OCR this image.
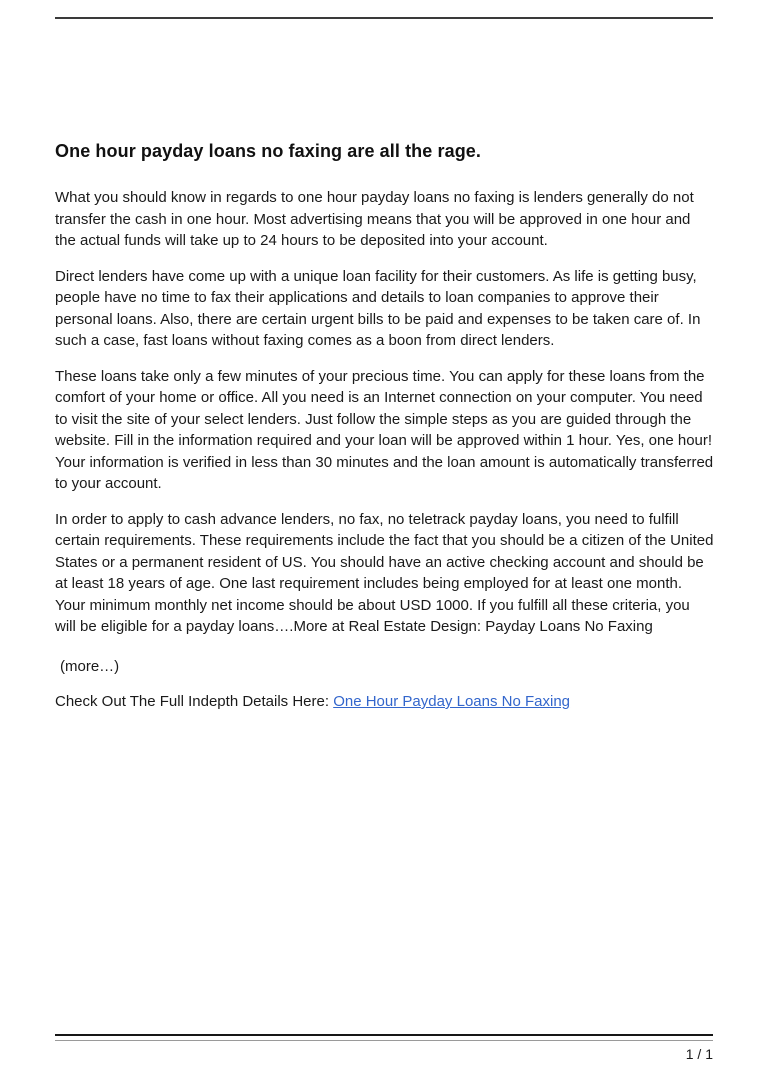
One hour payday loans no faxing are all the rage.

What you should know in regards to one hour payday loans no faxing is lenders generally do not transfer the cash in one hour. Most advertising means that you will be approved in one hour and the actual funds will take up to 24 hours to be deposited into your account.

Direct lenders have come up with a unique loan facility for their customers. As life is getting busy, people have no time to fax their applications and details to loan companies to approve their personal loans. Also, there are certain urgent bills to be paid and expenses to be taken care of. In such a case, fast loans without faxing comes as a boon from direct lenders.

These loans take only a few minutes of your precious time. You can apply for these loans from the comfort of your home or office. All you need is an Internet connection on your computer. You need to visit the site of your select lenders. Just follow the simple steps as you are guided through the website. Fill in the information required and your loan will be approved within 1 hour. Yes, one hour! Your information is verified in less than 30 minutes and the loan amount is automatically transferred to your account.

In order to apply to cash advance lenders, no fax, no teletrack payday loans, you need to fulfill certain requirements. These requirements include the fact that you should be a citizen of the United States or a permanent resident of US. You should have an active checking account and should be at least 18 years of age. One last requirement includes being employed for at least one month. Your minimum monthly net income should be about USD 1000. If you fulfill all these criteria, you will be eligible for a payday loans….More at Real Estate Design: Payday Loans No Faxing

(more…)

Check Out The Full Indepth Details Here: One Hour Payday Loans No Faxing

1 / 1
